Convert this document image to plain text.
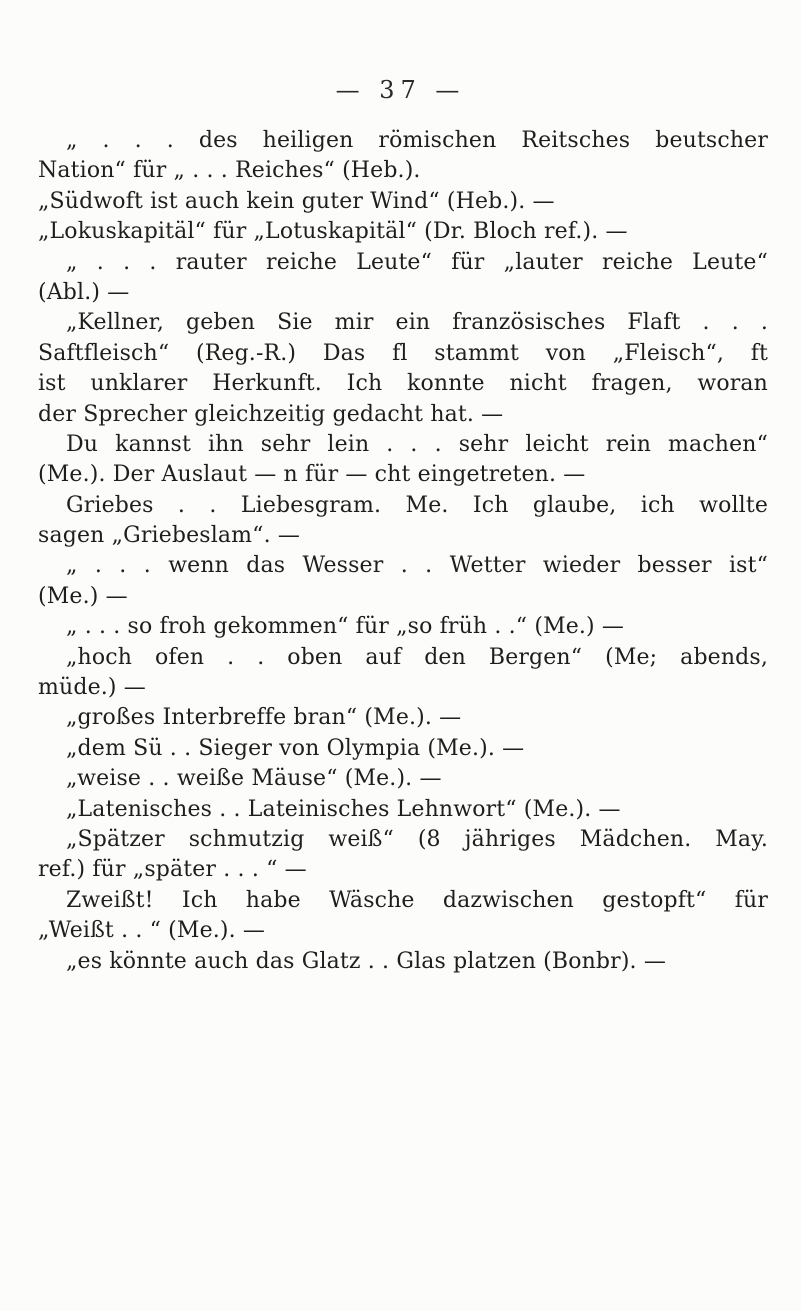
— 37 —
„ . . . des heiligen römischen Reitsches beutscher
Nation“ für „ . . . Reiches“ (Heb.).
„Südwoft ist auch kein guter Wind“ (Heb.). —
„Lokuskapitäl“ für „Lotuskapitäl“ (Dr. Bloch ref.). —
„ . . . rauter reiche Leute“ für „lauter reiche Leute“
(Abl.) —
„Kellner, geben Sie mir ein französisches Flaft . . .
Saftfleisch“ (Reg.-R.) Das fl stammt von „Fleisch“, ft
ist unklarer Herkunft. Ich konnte nicht fragen, woran
der Sprecher gleichzeitig gedacht hat. —
Du kannst ihn sehr lein . . . sehr leicht rein machen“
(Me.). Der Auslaut — n für — cht eingetreten. —
Griebes . . Liebesgram. Me. Ich glaube, ich wollte
sagen „Griebeslam“. —
„ . . . wenn das Wesser . . Wetter wieder besser ist“
(Me.) —
„ . . . so froh gekommen“ für „so früh . .“ (Me.) —
„hoch ofen . . oben auf den Bergen“ (Me; abends,
müde.) —
„großes Interbreffe bran“ (Me.). —
„dem Sü . . Sieger von Olympia (Me.). —
„weise . . weiße Mäuse“ (Me.). —
„Latenisches . . Lateinisches Lehnwort“ (Me.). —
„Spätzer schmutzig weiß“ (8 jähriges Mädchen. May.
ref.) für „später . . . “ —
Zweißt! Ich habe Wäsche dazwischen gestopft“ für
„Weißt . . “ (Me.). —
„es könnte auch das Glatz . . Glas platzen (Bonbr). —
